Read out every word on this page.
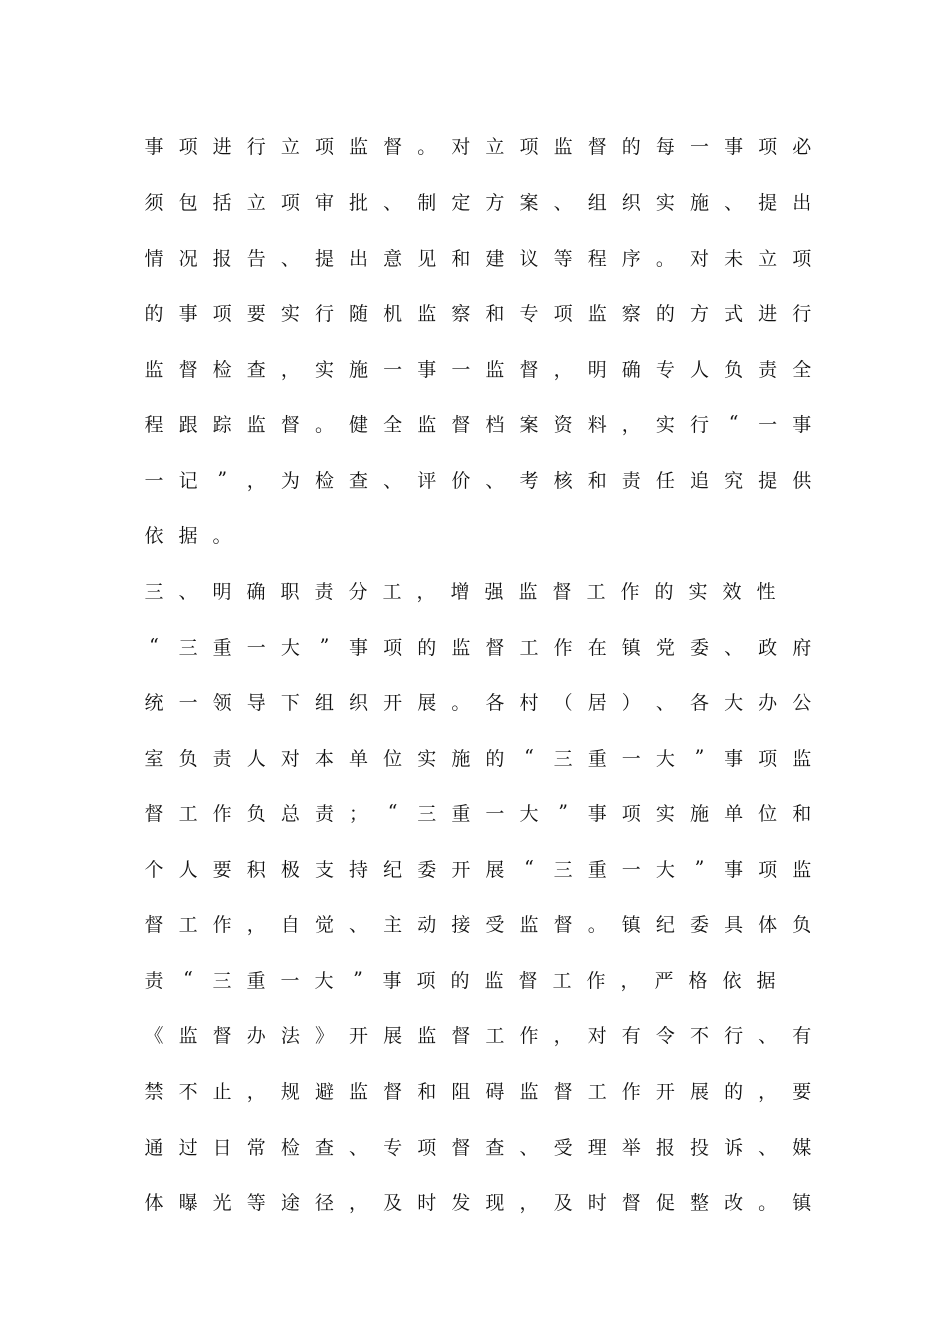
事 项 进 行 立 项 监 督 。 对 立 项 监 督 的 每 一 事 项 必
须 包 括 立 项 审 批 、 制 定 方 案 、 组 织 实 施 、 提 出
情 况 报 告 、 提 出 意 见 和 建 议 等 程 序 。 对 未 立 项
的 事 项 要 实 行 随 机 监 察 和 专 项 监 察 的 方 式 进 行
监 督 检 查 ， 实 施 一 事 一 监 督 ， 明 确 专 人 负 责 全
程 跟 踪 监 督 。 健 全 监 督 档 案 资 料 ， 实 行	“	一 事
一 记	”	， 为 检 查 、 评 价 、 考 核 和 责 任 追 究 提 供
依 据 。
三 、 明 确 职 责 分 工 ， 增 强 监 督 工 作 的 实 效 性
“	三 重 一 大	”	事 项 的 监 督 工 作 在 镇 党 委 、 政 府
统 一 领 导 下 组 织 开 展 。 各 村 （ 居 ） 、 各 大 办 公
室 负 责 人 对 本 单 位 实 施 的	“	三 重 一 大	”	事 项 监
督 工 作 负 总 责 ；	“	三 重 一 大	”	事 项 实 施 单 位 和
个 人 要 积 极 支 持 纪 委 开 展	“	三 重 一 大	”	事 项 监
督 工 作 ， 自 觉 、 主 动 接 受 监 督 。 镇 纪 委 具 体 负
责	“	三 重 一 大	”	事 项 的 监 督 工 作 ， 严 格 依 据
《 监 督 办 法 》 开 展 监 督 工 作 ， 对 有 令 不 行 、 有
禁 不 止 ， 规 避 监 督 和 阻 碍 监 督 工 作 开 展 的 ， 要
通 过 日 常 检 查 、 专 项 督 查 、 受 理 举 报 投 诉 、 媒
体 曝 光 等 途 径 ， 及 时 发 现 ， 及 时 督 促 整 改 。 镇
